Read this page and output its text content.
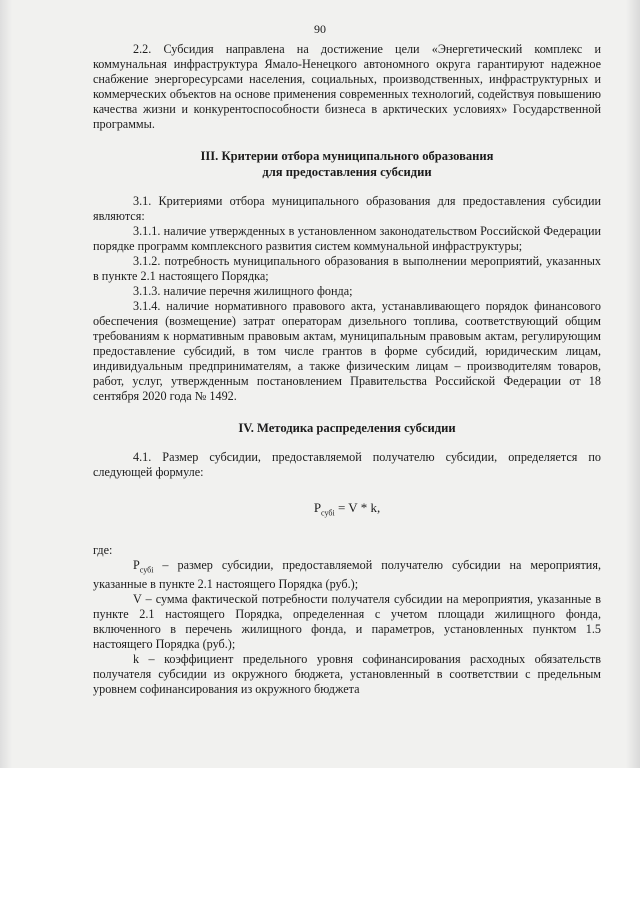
90

2.2. Субсидия направлена на достижение цели «Энергетический комплекс и коммунальная инфраструктура Ямало-Ненецкого автономного округа гарантируют надежное снабжение энергоресурсами населения, социальных, производственных, инфраструктурных и коммерческих объектов на основе применения современных технологий, содействуя повышению качества жизни и конкурентоспособности бизнеса в арктических условиях» Государственной программы.

III. Критерии отбора муниципального образования
для предоставления субсидии

3.1. Критериями отбора муниципального образования для предоставления субсидии являются:

3.1.1. наличие утвержденных в установленном законодательством Российской Федерации порядке программ комплексного развития систем коммунальной инфраструктуры;

3.1.2. потребность муниципального образования в выполнении мероприятий, указанных в пункте 2.1 настоящего Порядка;

3.1.3. наличие перечня жилищного фонда;

3.1.4. наличие нормативного правового акта, устанавливающего порядок финансового обеспечения (возмещение) затрат операторам дизельного топлива, соответствующий общим требованиям к нормативным правовым актам, муниципальным правовым актам, регулирующим предоставление субсидий, в том числе грантов в форме субсидий, юридическим лицам, индивидуальным предпринимателям, а также физическим лицам – производителям товаров, работ, услуг, утвержденным постановлением Правительства Российской Федерации от 18 сентября 2020 года № 1492.

IV. Методика распределения субсидии

4.1. Размер субсидии, предоставляемой получателю субсидии, определяется по следующей формуле:

$P_{субi} = V * k$,

где:

$P_{субi}$ – размер субсидии, предоставляемой получателю субсидии на мероприятия, указанные в пункте 2.1 настоящего Порядка (руб.);

V – сумма фактической потребности получателя субсидии на мероприятия, указанные в пункте 2.1 настоящего Порядка, определенная с учетом площади жилищного фонда, включенного в перечень жилищного фонда, и параметров, установленных пунктом 1.5 настоящего Порядка (руб.);

k – коэффициент предельного уровня софинансирования расходных обязательств получателя субсидии из окружного бюджета, установленный в соответствии с предельным уровнем софинансирования из окружного бюджета
